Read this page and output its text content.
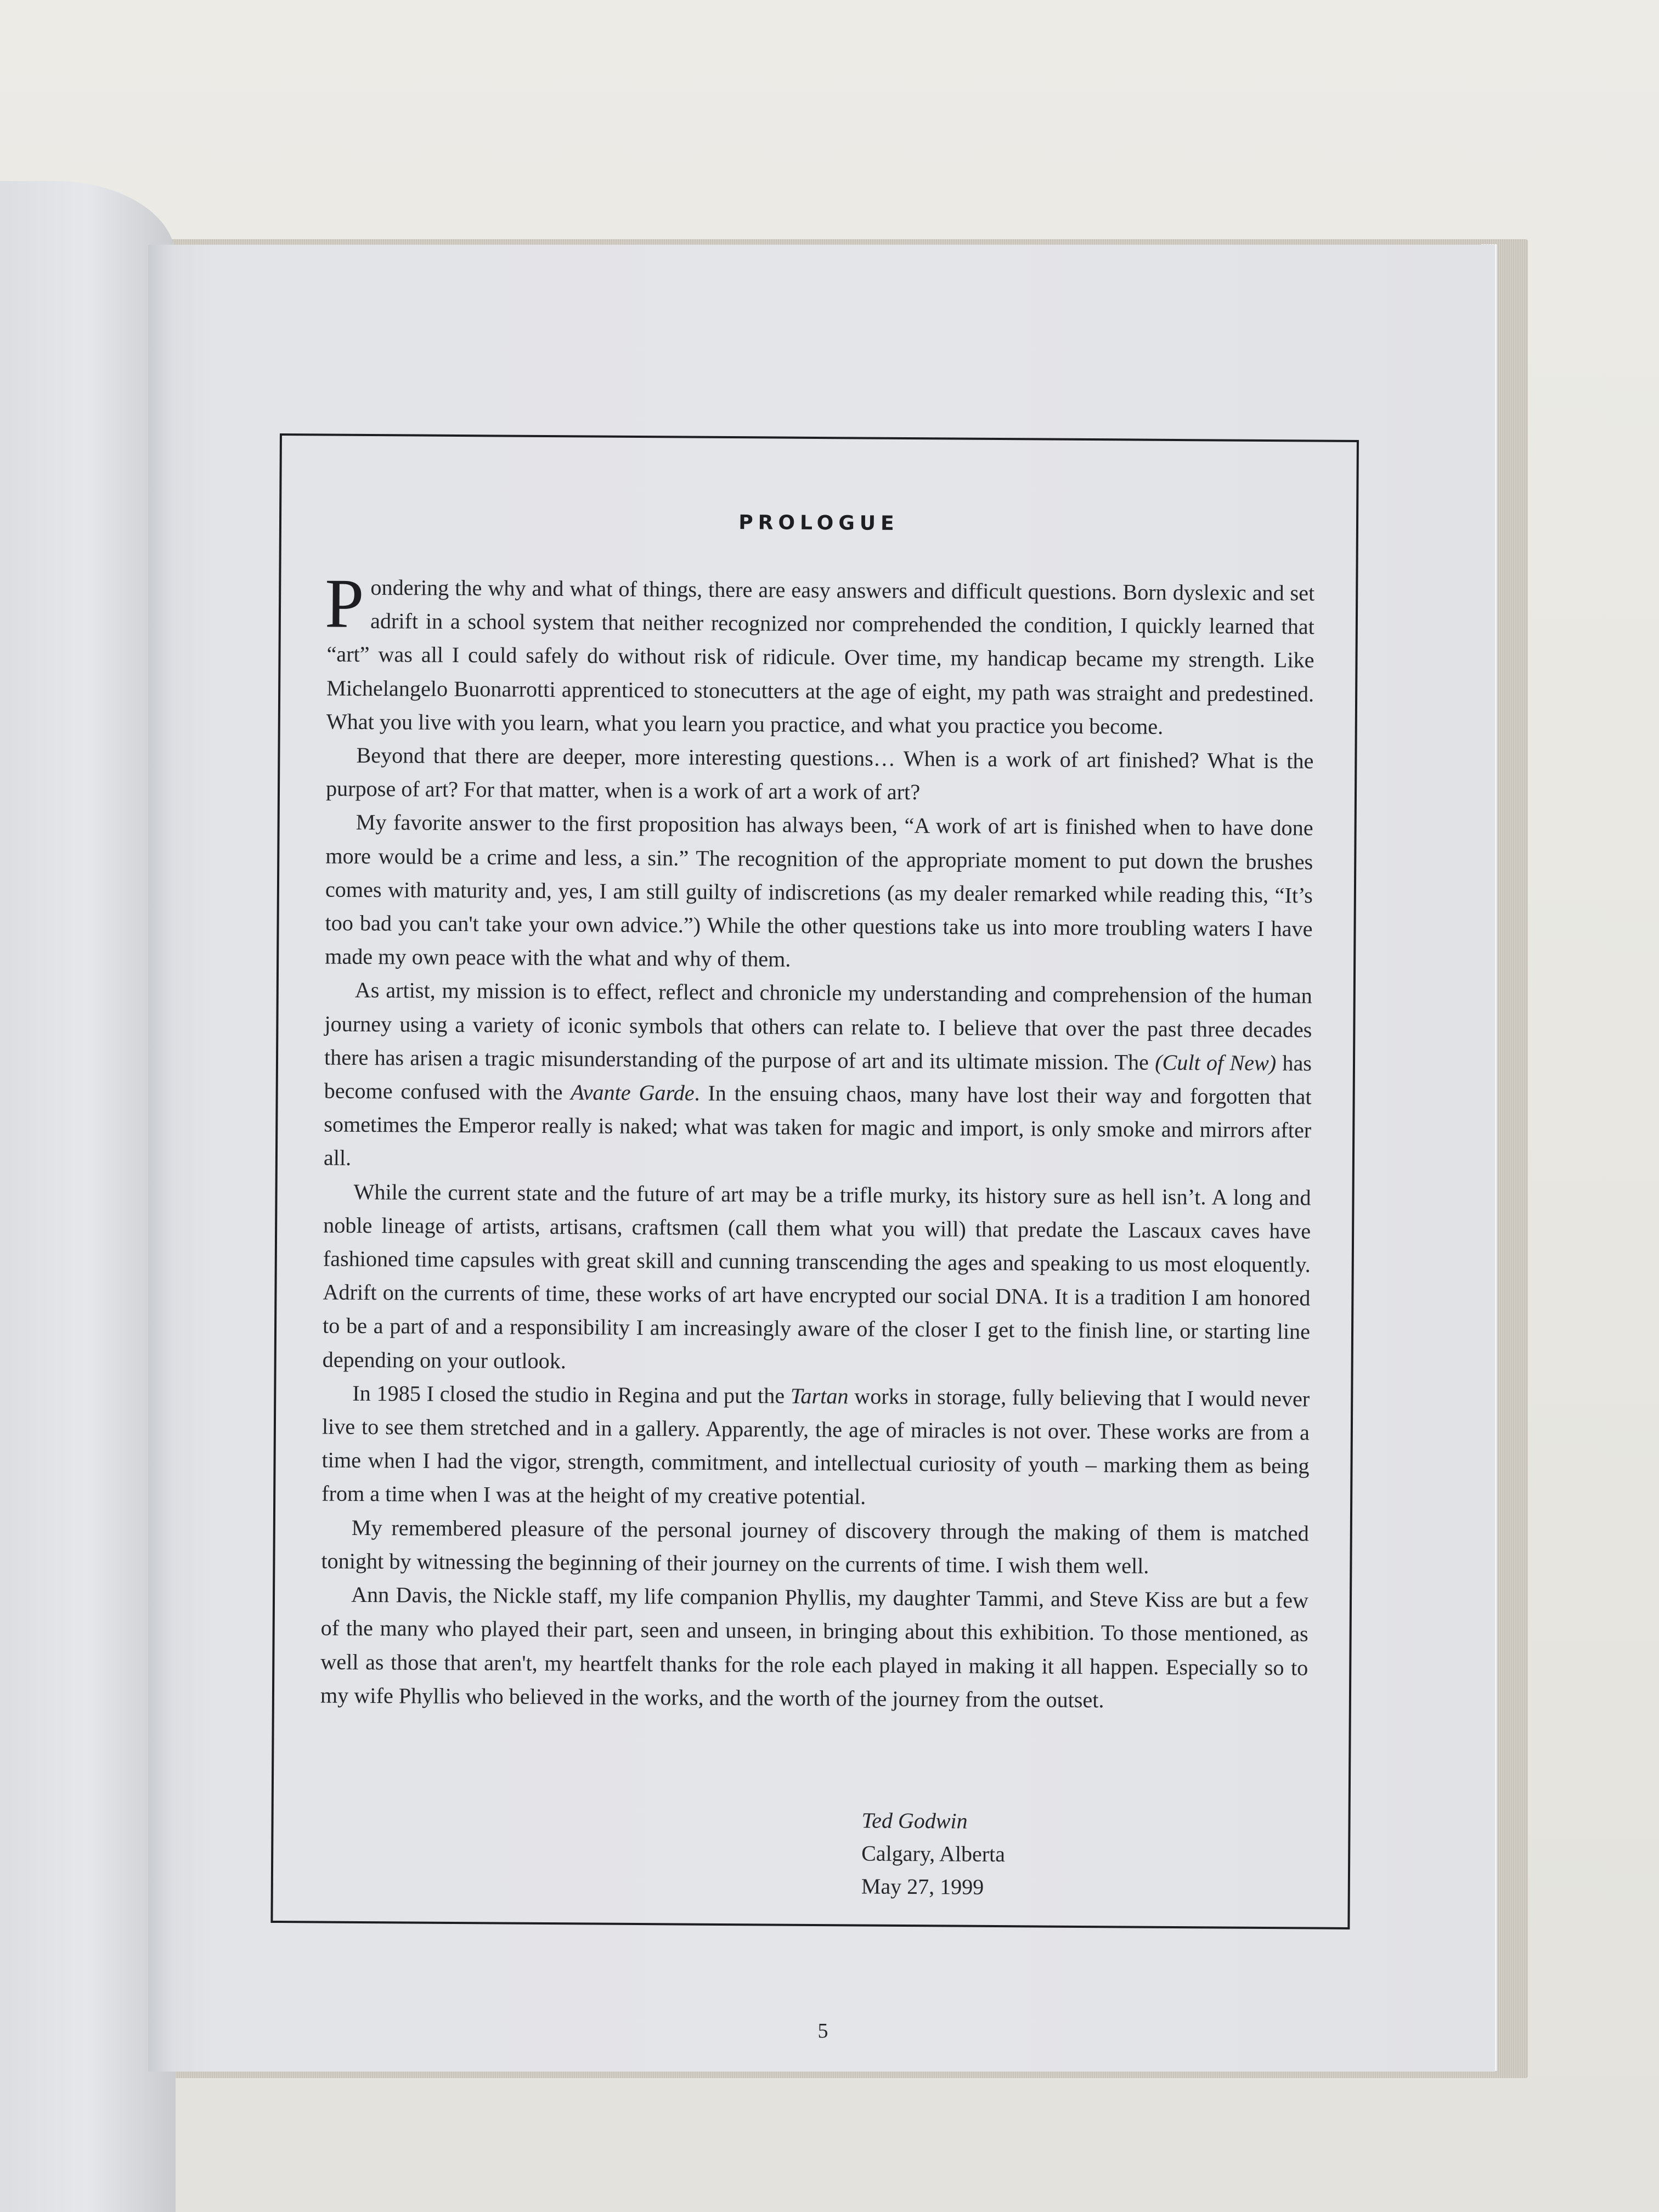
PROLOGUE

Pondering the why and what of things, there are easy answers and difficult questions. Born dyslexic and set adrift in a school system that neither recognized nor comprehended the condition, I quickly learned that “art” was all I could safely do without risk of ridicule. Over time, my handicap became my strength. Like Michelangelo Buonarrotti apprenticed to stonecutters at the age of eight, my path was straight and predestined. What you live with you learn, what you learn you practice, and what you practice you become.

Beyond that there are deeper, more interesting questions… When is a work of art finished? What is the purpose of art? For that matter, when is a work of art a work of art?

My favorite answer to the first proposition has always been, “A work of art is finished when to have done more would be a crime and less, a sin.” The recognition of the appropriate moment to put down the brushes comes with maturity and, yes, I am still guilty of indiscretions (as my dealer remarked while reading this, “It’s too bad you can't take your own advice.”) While the other questions take us into more troubling waters I have made my own peace with the what and why of them.

As artist, my mission is to effect, reflect and chronicle my understanding and comprehension of the human journey using a variety of iconic symbols that others can relate to. I believe that over the past three decades there has arisen a tragic misunderstanding of the purpose of art and its ultimate mission. The (Cult of New) has become confused with the Avante Garde. In the ensuing chaos, many have lost their way and forgotten that sometimes the Emperor really is naked; what was taken for magic and import, is only smoke and mirrors after all.

While the current state and the future of art may be a trifle murky, its history sure as hell isn’t. A long and noble lineage of artists, artisans, craftsmen (call them what you will) that predate the Lascaux caves have fashioned time capsules with great skill and cunning transcending the ages and speaking to us most eloquently. Adrift on the currents of time, these works of art have encrypted our social DNA. It is a tradition I am honored to be a part of and a responsibility I am increasingly aware of the closer I get to the finish line, or starting line depending on your outlook.

In 1985 I closed the studio in Regina and put the Tartan works in storage, fully believing that I would never live to see them stretched and in a gallery. Apparently, the age of miracles is not over. These works are from a time when I had the vigor, strength, commitment, and intellectual curiosity of youth – marking them as being from a time when I was at the height of my creative potential.

My remembered pleasure of the personal journey of discovery through the making of them is matched tonight by witnessing the beginning of their journey on the currents of time. I wish them well.

Ann Davis, the Nickle staff, my life companion Phyllis, my daughter Tammi, and Steve Kiss are but a few of the many who played their part, seen and unseen, in bringing about this exhibition. To those mentioned, as well as those that aren't, my heartfelt thanks for the role each played in making it all happen. Especially so to my wife Phyllis who believed in the works, and the worth of the journey from the outset.

Ted Godwin
Calgary, Alberta
May 27, 1999
5
